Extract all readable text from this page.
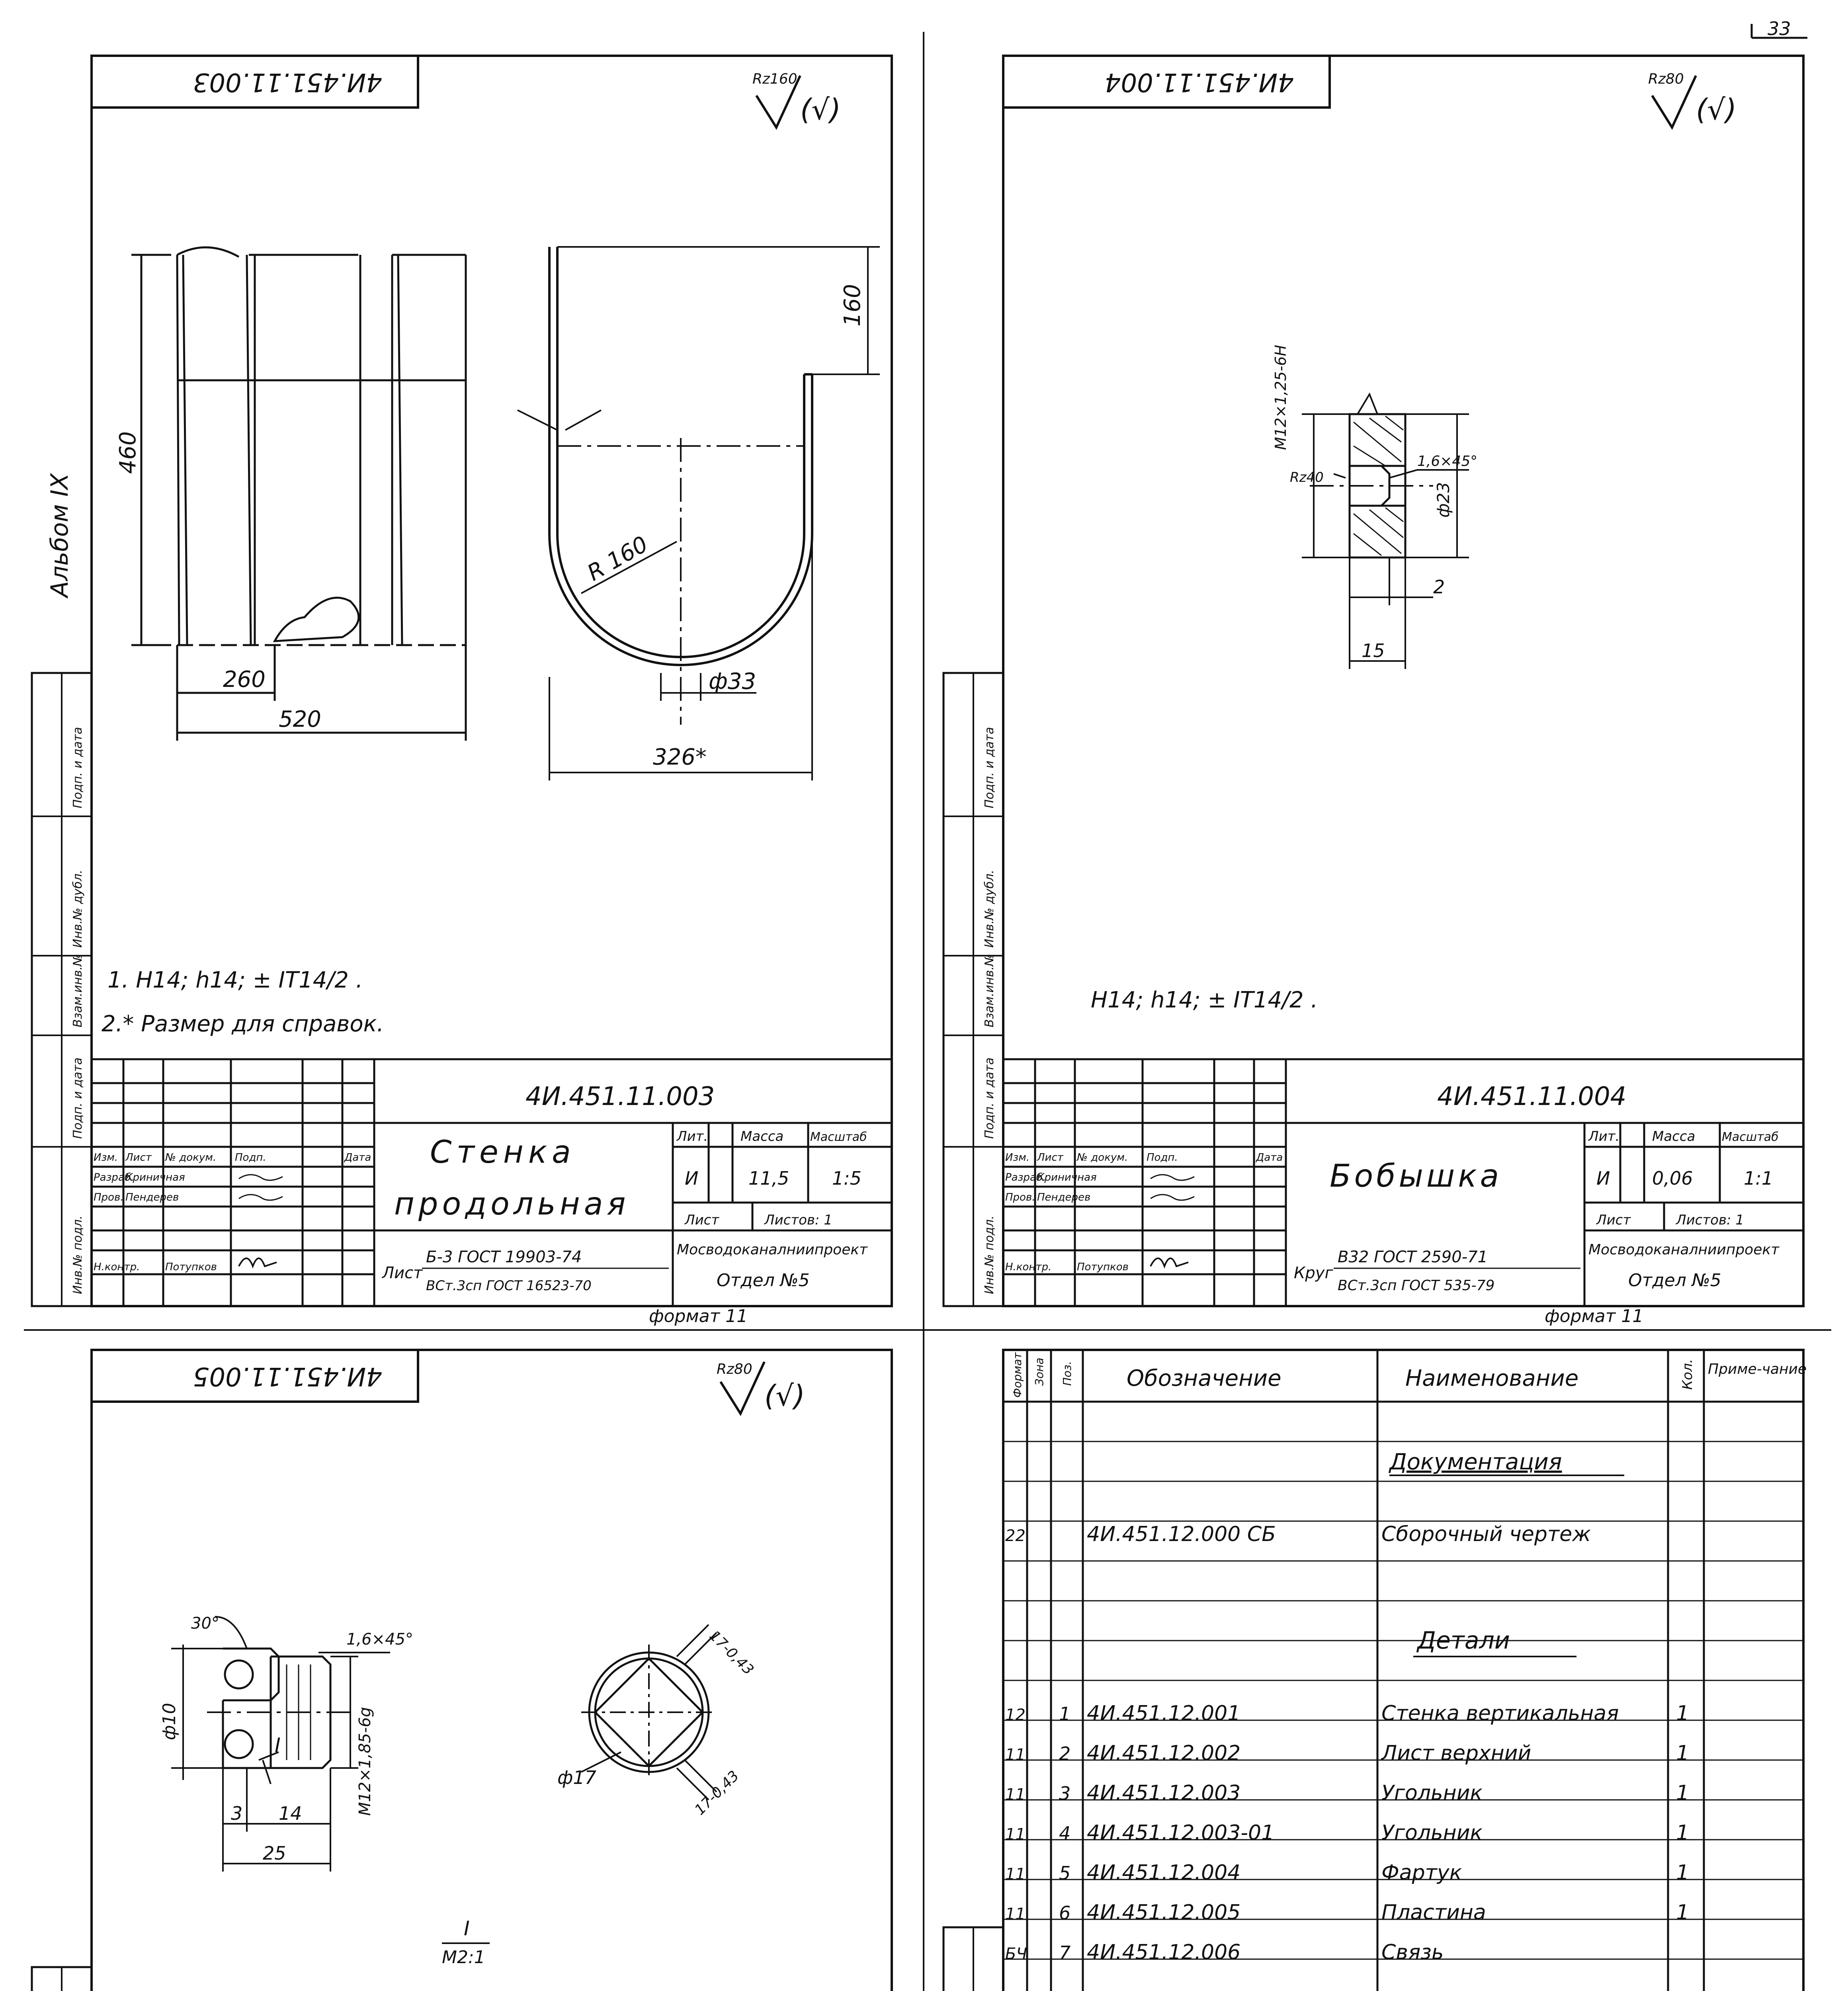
33
Альбом IX
Инв.№ подл.
Подп. и дата
Взам.инв.№
Инв.№ дубл.
Подп. и дата
4И.451.11.003	Rz160
(√)
460
260
520
160
R 160
ф33
326*
1. H14; h14; ± IT14/2 .
2.* Размер для справок.
4И.451.11.003
Стенка
продольная
Изм. Лист № докум. Подп.	Дата
Разраб.
Криничная
Пров. Пендерев
Н.контр. Потупков
Лит. Масса Масштаб
И	11,5 1:5
Лист	Листов: 1
Лист
Б-3 ГОСТ 19903-74
ВСт.3сп ГОСТ 16523-70
Мосводоканалниипроект
Отдел №5
формат 11
Инв.№ подл.
Подп. и дата
Взам.инв.№
Инв.№ дубл.
Подп. и дата
4И.451.11.004	Rz80
(√)
M12×1,25-6H
1,6×45°
Rz40
ф23
2
15
H14; h14; ± IT14/2 .
4И.451.11.004
Бобышка
Изм. Лист № докум. Подп.	Дата
Разраб.
Криничная
Пров. Пендерев
Н.контр. Потупков
Лит. Масса Масштаб
И 0,06	1:1
Лист	Листов: 1
Круг
В32 ГОСТ 2590-71
ВСт.3сп ГОСТ 535-79
Мосводоканалниипроект
Отдел №5
формат 11
4И.451.11.005	Rz80
(√)
30°
1,6×45°
ф10	M12×1,85-6g
3 14
25
I
17-0,43
17-0,43
ф17
I
M2:1
Формат Зона Поз. Обозначение	Наименование	Кол. Приме-чание
Документация
Детали
22	4И.451.12.000 СБ	Сборочный чертеж
12 1 4И.451.12.001	Стенка вертикальная	1
11 2 4И.451.12.002	Лист верхний	1
11 3 4И.451.12.003	Угольник	1
11 4 4И.451.12.003-01	Угольник	1
11 5 4И.451.12.004	Фартук	1
11 6 4И.451.12.005	Пластина	1
БЧ 7 4И.451.12.006	Связь
